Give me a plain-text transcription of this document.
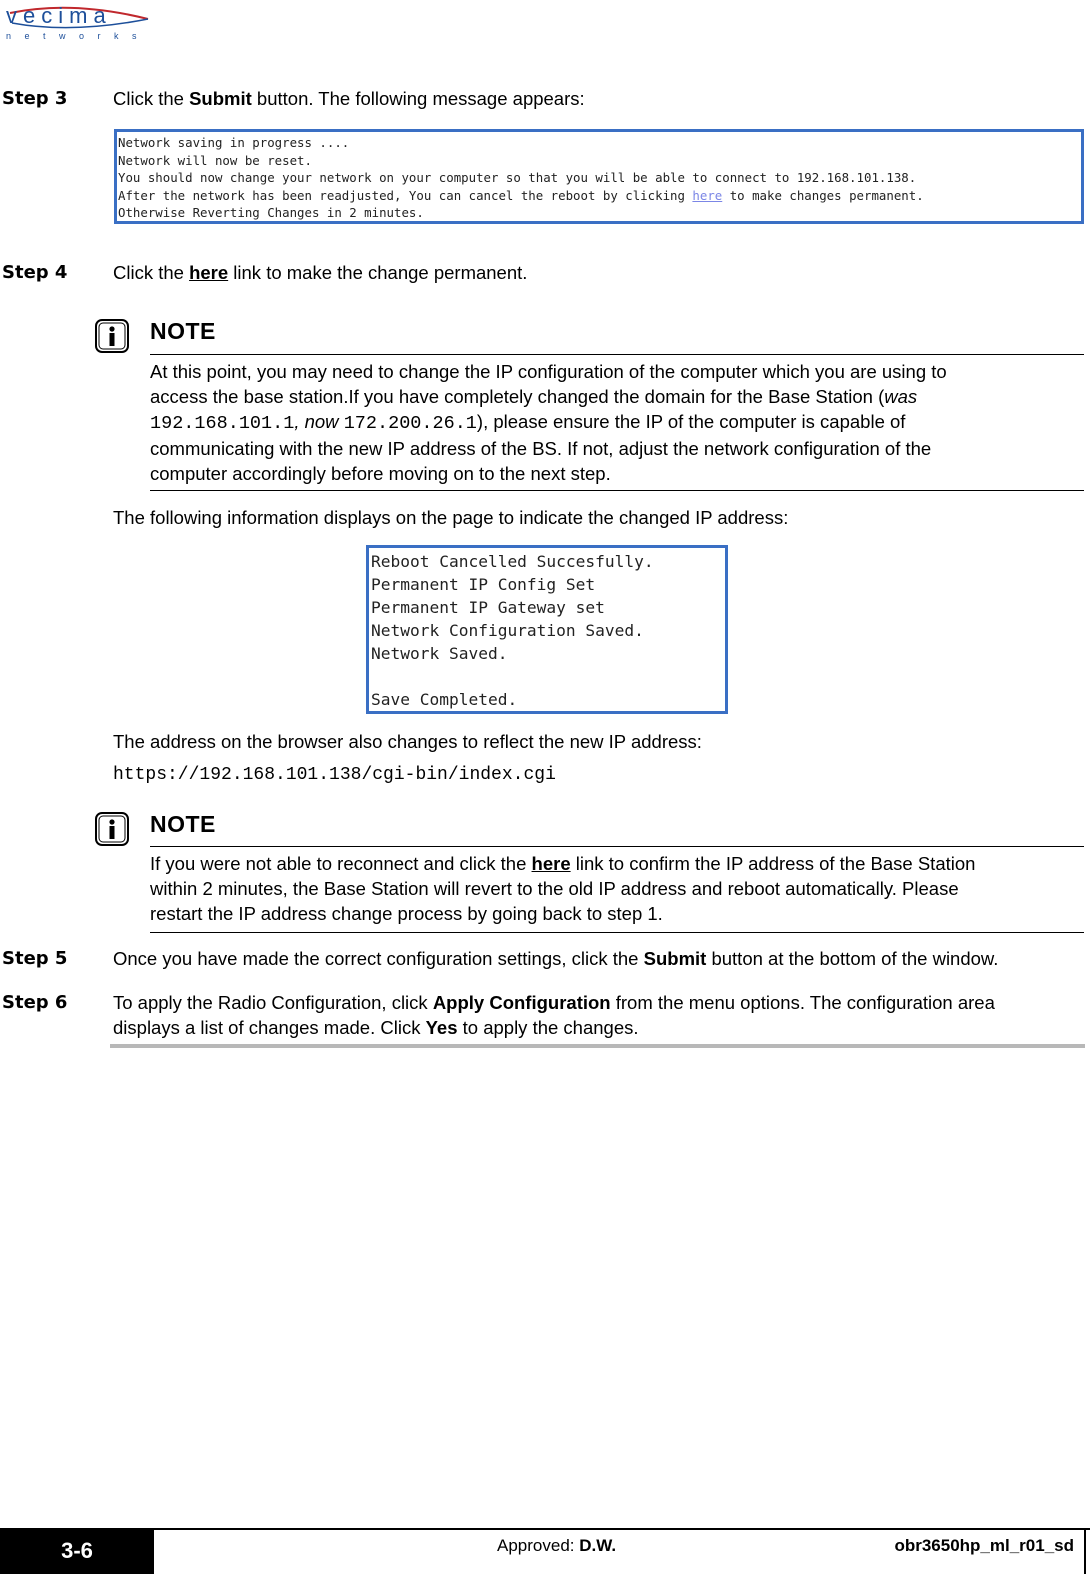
vecima
networks
Step 3 Click the Submit button. The following message appears:
Network saving in progress ....
Network will now be reset.
You should now change your network on your computer so that you will be able to connect to 192.168.101.138.
After the network has been readjusted, You can cancel the reboot by clicking here to make changes permanent.
Otherwise Reverting Changes in 2 minutes.
Step 4 Click the here link to make the change permanent.
NOTE
At this point, you may need to change the IP configuration of the computer which you are using to
access the base station.If you have completely changed the domain for the Base Station (was
192.168.101.1, now 172.200.26.1), please ensure the IP of the computer is capable of
communicating with the new IP address of the BS. If not, adjust the network configuration of the
computer accordingly before moving on to the next step.
The following information displays on the page to indicate the changed IP address:
Reboot Cancelled Succesfully.
Permanent IP Config Set
Permanent IP Gateway set
Network Configuration Saved.
Network Saved.
Save Completed.
The address on the browser also changes to reflect the new IP address:
https://192.168.101.138/cgi-bin/index.cgi
NOTE
If you were not able to reconnect and click the here link to confirm the IP address of the Base Station
within 2 minutes, the Base Station will revert to the old IP address and reboot automatically. Please
restart the IP address change process by going back to step 1.
Step 5 Once you have made the correct configuration settings, click the Submit button at the bottom of the window.
Step 6 To apply the Radio Configuration, click Apply Configuration from the menu options. The configuration area
displays a list of changes made. Click Yes to apply the changes.
3-6	Approved: D.W.	obr3650hp_ml_r01_sd
